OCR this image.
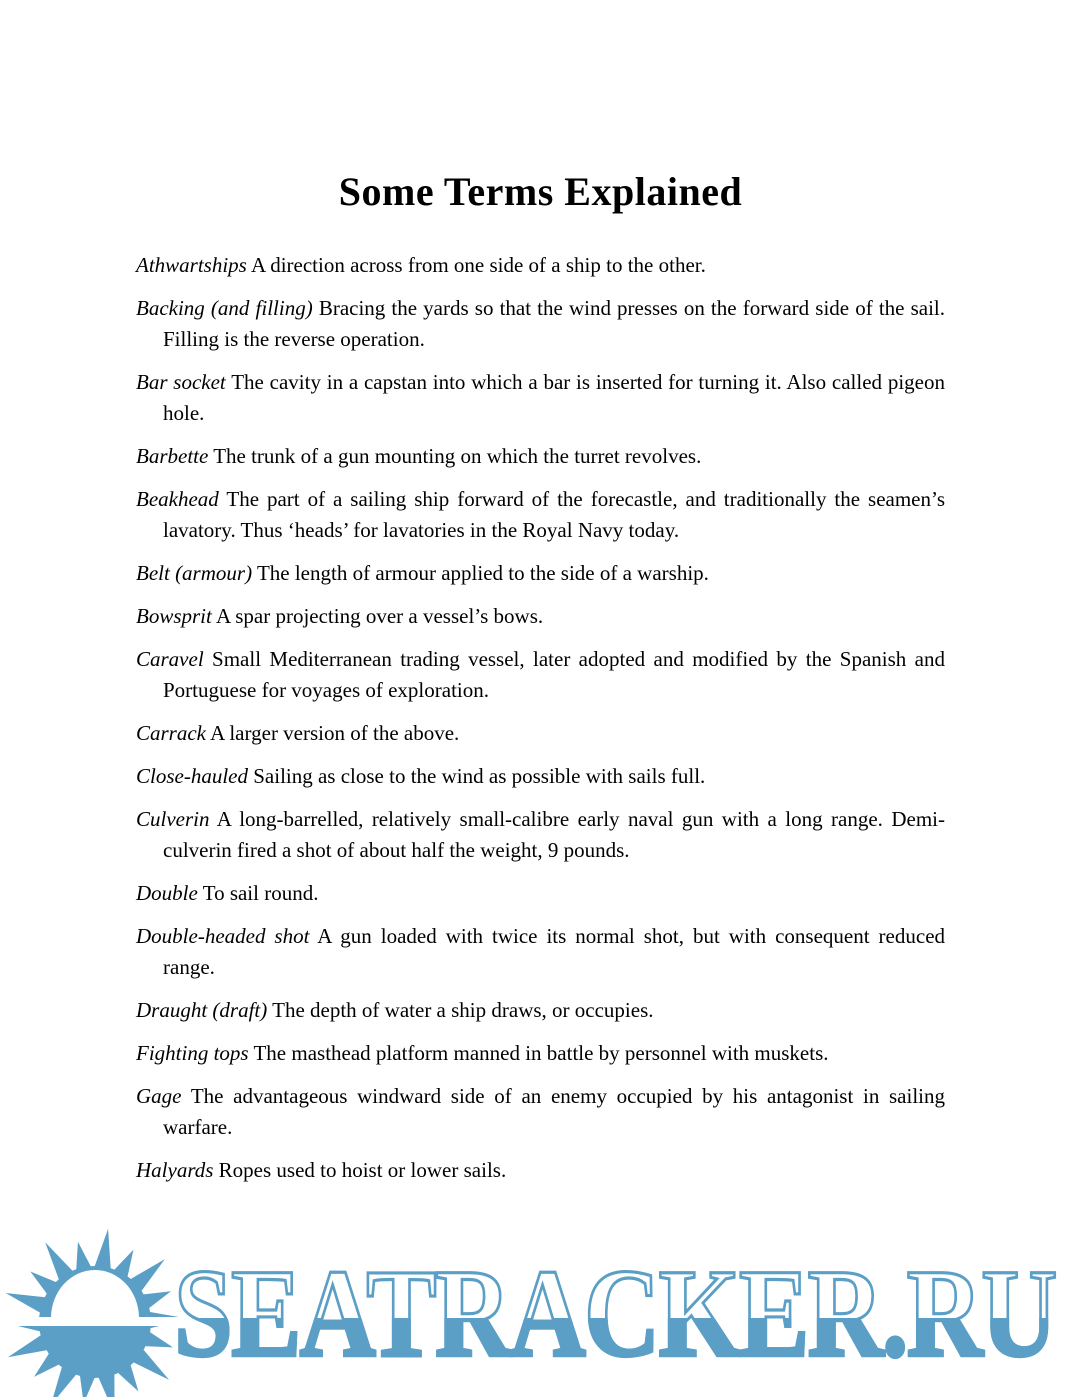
Some Terms Explained

Athwartships A direction across from one side of a ship to the other.

Backing (and filling) Bracing the yards so that the wind presses on the forward side of the sail. Filling is the reverse operation.

Bar socket The cavity in a capstan into which a bar is inserted for turning it. Also called pigeon hole.

Barbette The trunk of a gun mounting on which the turret revolves.

Beakhead The part of a sailing ship forward of the forecastle, and traditionally the seamen’s lavatory. Thus ‘heads’ for lavatories in the Royal Navy today.

Belt (armour) The length of armour applied to the side of a warship.

Bowsprit A spar projecting over a vessel’s bows.

Caravel Small Mediterranean trading vessel, later adopted and modified by the Spanish and Portuguese for voyages of exploration.

Carrack A larger version of the above.

Close-hauled Sailing as close to the wind as possible with sails full.

Culverin A long-barrelled, relatively small-calibre early naval gun with a long range. Demi-culverin fired a shot of about half the weight, 9 pounds.

Double To sail round.

Double-headed shot A gun loaded with twice its normal shot, but with consequent reduced range.

Draught (draft) The depth of water a ship draws, or occupies.

Fighting tops The masthead platform manned in battle by personnel with muskets.

Gage The advantageous windward side of an enemy occupied by his antagonist in sailing warfare.

Halyards Ropes used to hoist or lower sails.

SEATRACKER.RU
